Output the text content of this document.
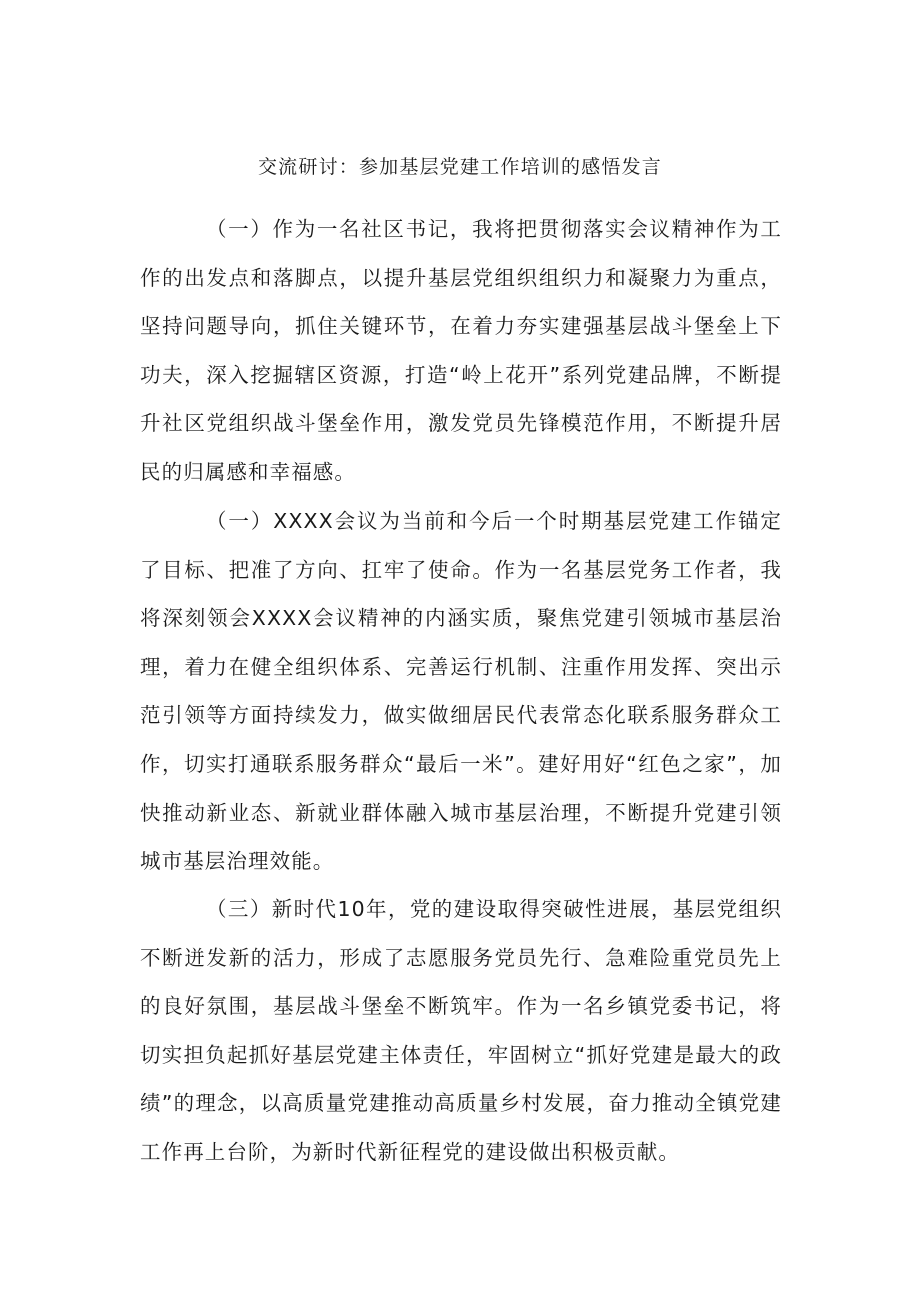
交流研讨：参加基层党建工作培训的感悟发言

（一）作为一名社区书记，我将把贯彻落实会议精神作为工作的出发点和落脚点，以提升基层党组织组织力和凝聚力为重点，坚持问题导向，抓住关键环节，在着力夯实建强基层战斗堡垒上下功夫，深入挖掘辖区资源，打造“岭上花开”系列党建品牌，不断提升社区党组织战斗堡垒作用，激发党员先锋模范作用，不断提升居民的归属感和幸福感。

（一）XXXX会议为当前和今后一个时期基层党建工作锚定了目标、把准了方向、扛牢了使命。作为一名基层党务工作者，我将深刻领会XXXX会议精神的内涵实质，聚焦党建引领城市基层治理，着力在健全组织体系、完善运行机制、注重作用发挥、突出示范引领等方面持续发力，做实做细居民代表常态化联系服务群众工作，切实打通联系服务群众“最后一米”。建好用好“红色之家”，加快推动新业态、新就业群体融入城市基层治理，不断提升党建引领城市基层治理效能。

（三）新时代10年，党的建设取得突破性进展，基层党组织不断迸发新的活力，形成了志愿服务党员先行、急难险重党员先上的良好氛围，基层战斗堡垒不断筑牢。作为一名乡镇党委书记，将切实担负起抓好基层党建主体责任，牢固树立“抓好党建是最大的政绩”的理念，以高质量党建推动高质量乡村发展，奋力推动全镇党建工作再上台阶，为新时代新征程党的建设做出积极贡献。
